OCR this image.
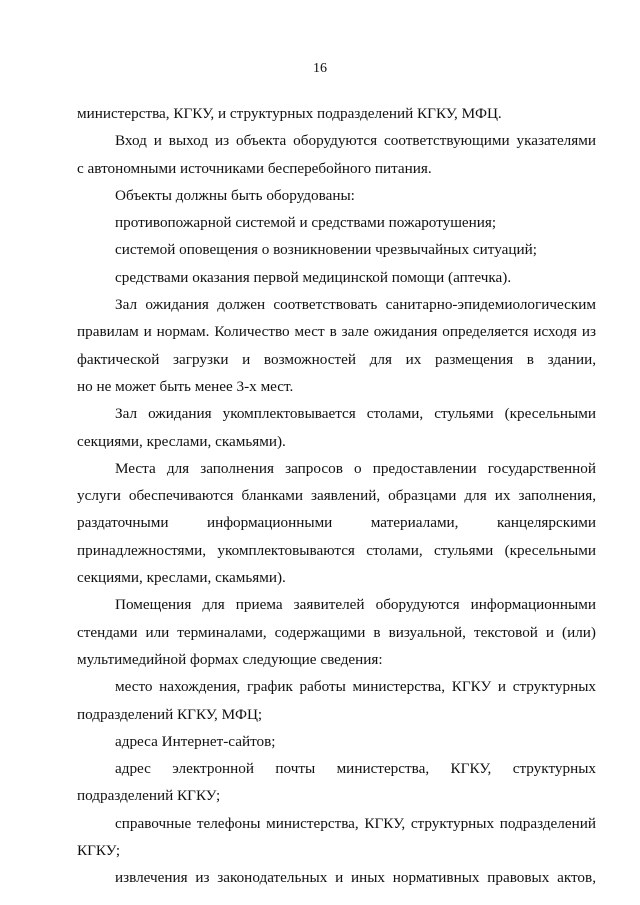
16
министерства, КГКУ, и структурных подразделений КГКУ, МФЦ.
Вход и выход из объекта оборудуются соответствующими указателями
с автономными источниками бесперебойного питания.
Объекты должны быть оборудованы:
противопожарной системой и средствами пожаротушения;
системой оповещения о возникновении чрезвычайных ситуаций;
средствами оказания первой медицинской помощи (аптечка).
Зал ожидания должен соответствовать санитарно-эпидемиологическим
правилам и нормам. Количество мест в зале ожидания определяется исходя из
фактической загрузки и возможностей для их размещения в здании,
но не может быть менее 3-х мест.
Зал ожидания укомплектовывается столами, стульями (кресельными
секциями, креслами, скамьями).
Места для заполнения запросов о предоставлении государственной
услуги обеспечиваются бланками заявлений, образцами для их заполнения,
раздаточными информационными материалами, канцелярскими
принадлежностями, укомплектовываются столами, стульями (кресельными
секциями, креслами, скамьями).
Помещения для приема заявителей оборудуются информационными
стендами или терминалами, содержащими в визуальной, текстовой и (или)
мультимедийной формах следующие сведения:
место нахождения, график работы министерства, КГКУ и структурных
подразделений КГКУ, МФЦ;
адреса Интернет-сайтов;
адрес электронной почты министерства, КГКУ, структурных
подразделений КГКУ;
справочные телефоны министерства, КГКУ, структурных подразделений
КГКУ;
извлечения из законодательных и иных нормативных правовых актов,
